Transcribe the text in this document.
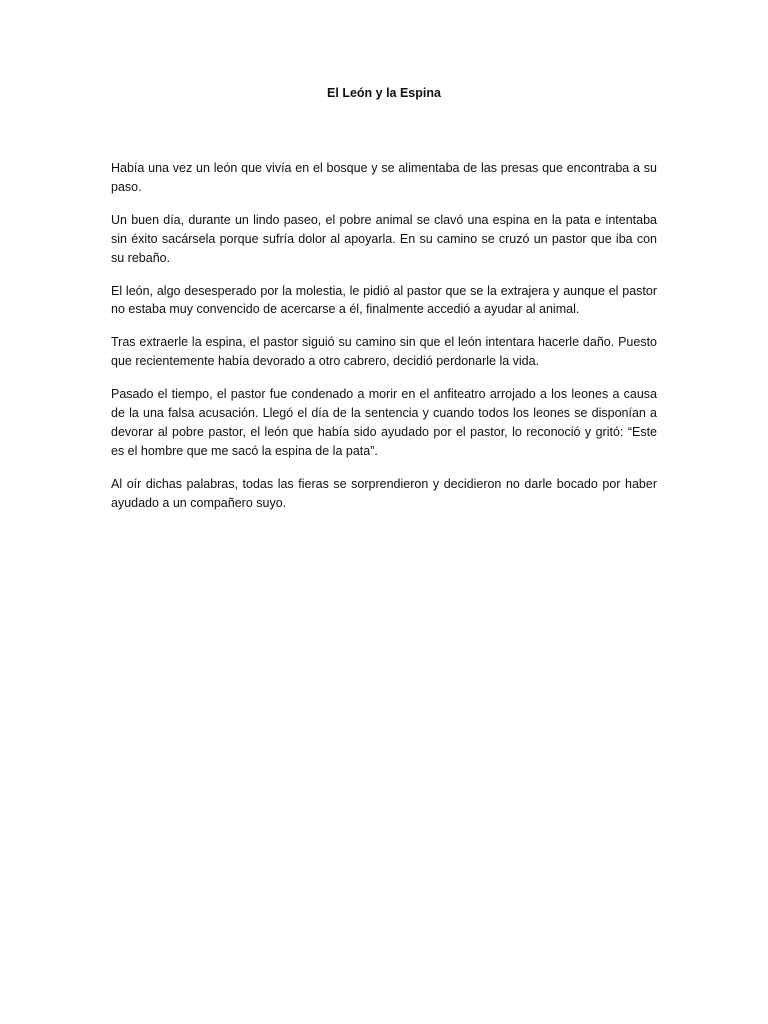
El León y la Espina

Había una vez un león que vivía en el bosque y se alimentaba de las presas que encontraba a su paso.

Un buen día, durante un lindo paseo, el pobre animal se clavó una espina en la pata e intentaba sin éxito sacársela porque sufría dolor al apoyarla. En su camino se cruzó un pastor que iba con su rebaño.

El león, algo desesperado por la molestia, le pidió al pastor que se la extrajera y aunque el pastor no estaba muy convencido de acercarse a él, finalmente accedió a ayudar al animal.

Tras extraerle la espina, el pastor siguió su camino sin que el león intentara hacerle daño. Puesto que recientemente había devorado a otro cabrero, decidió perdonarle la vida.

Pasado el tiempo, el pastor fue condenado a morir en el anfiteatro arrojado a los leones a causa de la una falsa acusación. Llegó el día de la sentencia y cuando todos los leones se disponían a devorar al pobre pastor, el león que había sido ayudado por el pastor, lo reconoció y gritó: “Este es el hombre que me sacó la espina de la pata”.

Al oír dichas palabras, todas las fieras se sorprendieron y decidieron no darle bocado por haber ayudado a un compañero suyo.
